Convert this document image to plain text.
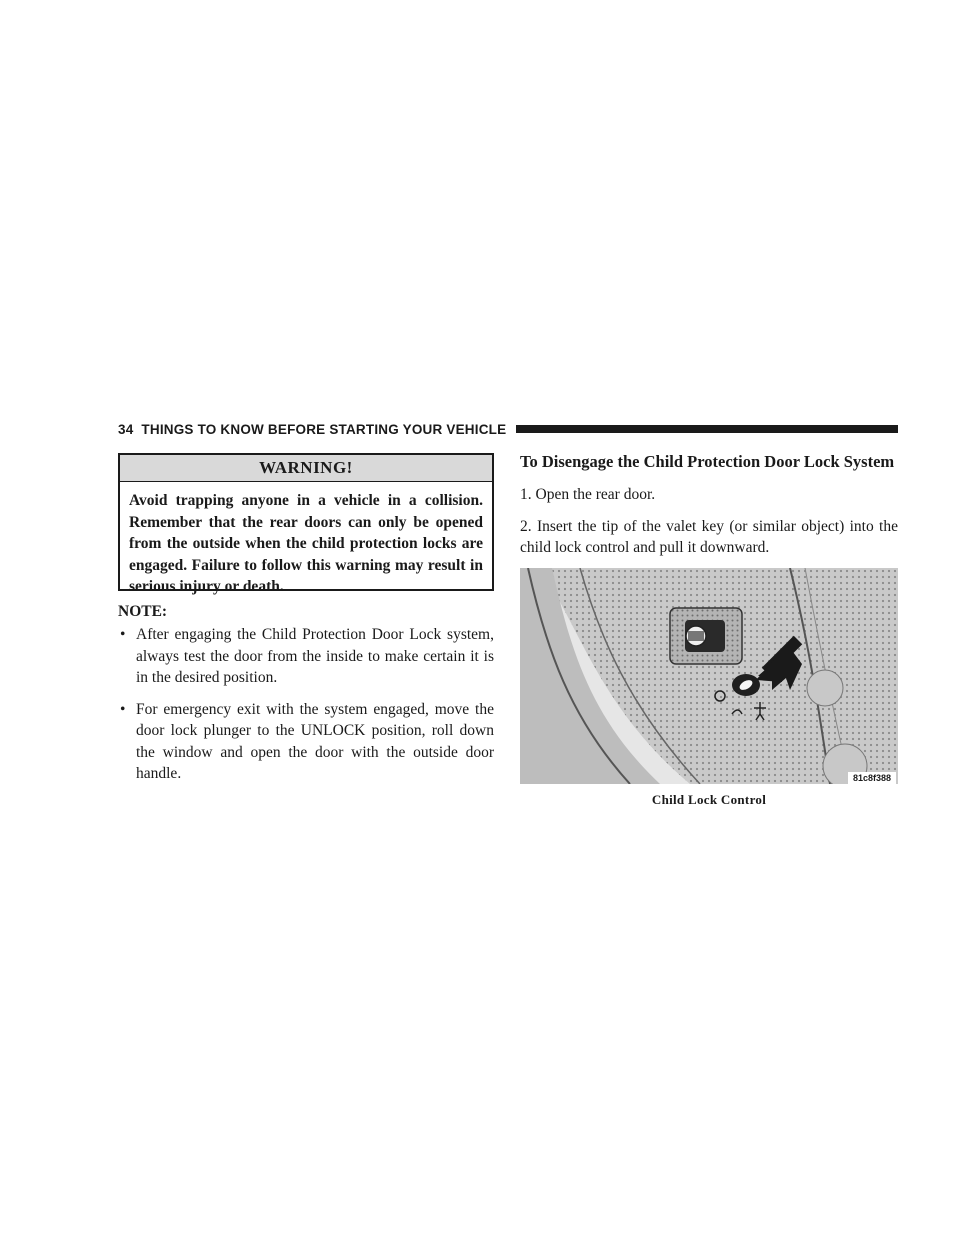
34 THINGS TO KNOW BEFORE STARTING YOUR VEHICLE
WARNING!
Avoid trapping anyone in a vehicle in a collision. Remember that the rear doors can only be opened from the outside when the child protection locks are engaged. Failure to follow this warning may result in serious injury or death.
NOTE:
• After engaging the Child Protection Door Lock system, always test the door from the inside to make certain it is in the desired position.
• For emergency exit with the system engaged, move the door lock plunger to the UNLOCK position, roll down the window and open the door with the outside door handle.
To Disengage the Child Protection Door Lock System
1. Open the rear door.
2. Insert the tip of the valet key (or similar object) into the child lock control and pull it downward.
81c8f388
Child Lock Control
